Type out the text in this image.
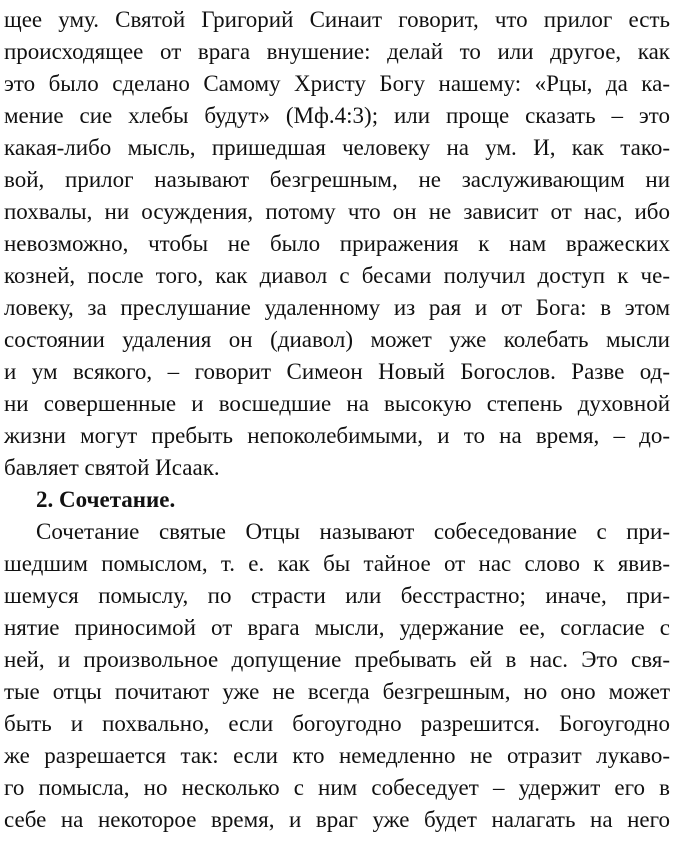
щее уму. Святой Григорий Синаит говорит, что прилог есть
происходящее от врага внушение: делай то или другое, как
это было сделано Самому Христу Богу нашему: «Рцы, да ка-
мение сие хлебы будут» (Мф.4:3); или проще сказать – это
какая-либо мысль, пришедшая человеку на ум. И, как тако-
вой, прилог называют безгрешным, не заслуживающим ни
похвалы, ни осуждения, потому что он не зависит от нас, ибо
невозможно, чтобы не было приражения к нам вражеских
козней, после того, как диавол с бесами получил доступ к че-
ловеку, за преслушание удаленному из рая и от Бога: в этом
состоянии удаления он (диавол) может уже колебать мысли
и ум всякого, – говорит Симеон Новый Богослов. Разве од-
ни совершенные и восшедшие на высокую степень духовной
жизни могут пребыть непоколебимыми, и то на время, – до-
бавляет святой Исаак.
2. Сочетание.
Сочетание святые Отцы называют собеседование с при-
шедшим помыслом, т. е. как бы тайное от нас слово к явив-
шемуся помыслу, по страсти или бесстрастно; иначе, при-
нятие приносимой от врага мысли, удержание ее, согласие с
ней, и произвольное допущение пребывать ей в нас. Это свя-
тые отцы почитают уже не всегда безгрешным, но оно может
быть и похвально, если богоугодно разрешится. Богоугодно
же разрешается так: если кто немедленно не отразит лукаво-
го помысла, но несколько с ним собеседует – удержит его в
себе на некоторое время, и враг уже будет налагать на него
